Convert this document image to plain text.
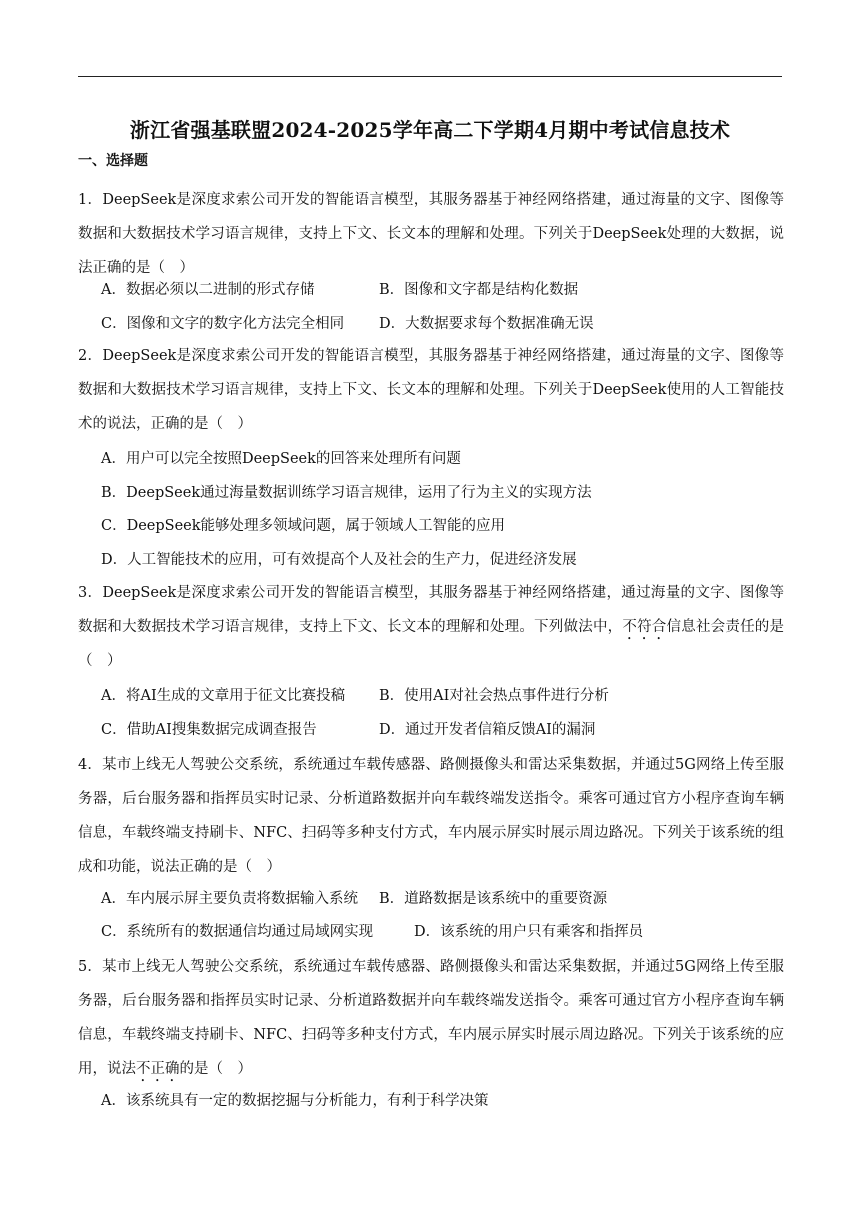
浙江省强基联盟2024-2025学年高二下学期4月期中考试信息技术
一、选择题
1．DeepSeek是深度求索公司开发的智能语言模型，其服务器基于神经网络搭建，通过海量的文字、图像等数据和大数据技术学习语言规律，支持上下文、长文本的理解和处理。下列关于DeepSeek处理的大数据，说法正确的是（　）
A．数据必须以二进制的形式存储	B．图像和文字都是结构化数据
C．图像和文字的数字化方法完全相同 D．大数据要求每个数据准确无误
2．DeepSeek是深度求索公司开发的智能语言模型，其服务器基于神经网络搭建，通过海量的文字、图像等数据和大数据技术学习语言规律，支持上下文、长文本的理解和处理。下列关于DeepSeek使用的人工智能技术的说法，正确的是（　）
A．用户可以完全按照DeepSeek的回答来处理所有问题
B．DeepSeek通过海量数据训练学习语言规律，运用了行为主义的实现方法
C．DeepSeek能够处理多领域问题，属于领域人工智能的应用
D．人工智能技术的应用，可有效提高个人及社会的生产力，促进经济发展
3．DeepSeek是深度求索公司开发的智能语言模型，其服务器基于神经网络搭建，通过海量的文字、图像等数据和大数据技术学习语言规律，支持上下文、长文本的理解和处理。下列做法中，不符合信息社会责任的是（　）
A．将AI生成的文章用于征文比赛投稿 B．使用AI对社会热点事件进行分析
C．借助AI搜集数据完成调查报告	D．通过开发者信箱反馈AI的漏洞
4．某市上线无人驾驶公交系统，系统通过车载传感器、路侧摄像头和雷达采集数据，并通过5G网络上传至服务器，后台服务器和指挥员实时记录、分析道路数据并向车载终端发送指令。乘客可通过官方小程序查询车辆信息，车载终端支持刷卡、NFC、扫码等多种支付方式，车内展示屏实时展示周边路况。下列关于该系统的组成和功能，说法正确的是（　）
A．车内展示屏主要负责将数据输入系统 B．道路数据是该系统中的重要资源
C．系统所有的数据通信均通过局域网实现	D．该系统的用户只有乘客和指挥员
5．某市上线无人驾驶公交系统，系统通过车载传感器、路侧摄像头和雷达采集数据，并通过5G网络上传至服务器，后台服务器和指挥员实时记录、分析道路数据并向车载终端发送指令。乘客可通过官方小程序查询车辆信息，车载终端支持刷卡、NFC、扫码等多种支付方式，车内展示屏实时展示周边路况。下列关于该系统的应用，说法不正确的是（　）
A．该系统具有一定的数据挖掘与分析能力，有利于科学决策
